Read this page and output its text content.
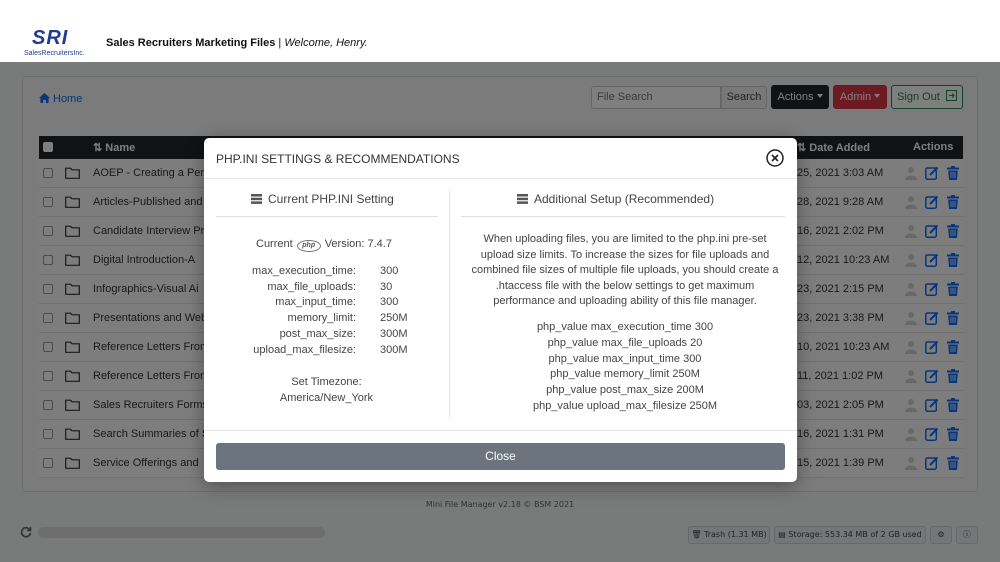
SRI
SalesRecruitersInc.
Sales Recruiters Marketing Files | Welcome, Henry.
PHP.INI SETTINGS & RECOMMENDATIONS
Current PHP.INI Setting	Additional Setup (Recommended)
Current php Version: 7.4.7
max_execution_time: 300
max_file_uploads: 30
max_input_time: 300
memory_limit: 250M
post_max_size: 300M
upload_max_filesize: 300M
Set Timezone:
America/New_York
When uploading files, you are limited to the php.ini pre-set upload size limits. To increase the sizes for file uploads and combined file sizes of multiple file uploads, you should create a .htaccess file with the below settings to get maximum performance and uploading ability of this file manager.
php_value max_execution_time 300
php_value max_file_uploads 20
php_value max_input_time 300
php_value memory_limit 250M
php_value post_max_size 200M
php_value upload_max_filesize 250M
Close
